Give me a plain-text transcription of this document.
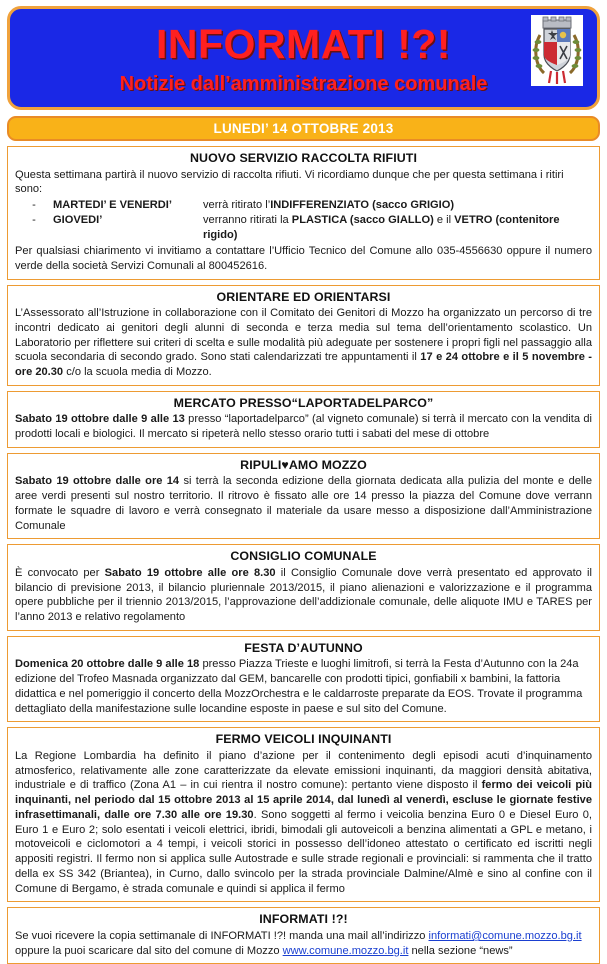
INFORMATI !?!
Notizie dall’amministrazione comunale
LUNEDI’ 14 OTTOBRE 2013
NUOVO SERVIZIO RACCOLTA RIFIUTI
Questa settimana partirà il nuovo servizio di raccolta rifiuti. Vi ricordiamo dunque che per questa settimana i ritiri sono:
-	MARTEDI’ E VENERDI’	verrà ritirato l’INDIFFERENZIATO (sacco GRIGIO)
-	GIOVEDI’	verranno ritirati la PLASTICA (sacco GIALLO) e il VETRO (contenitore rigido)
Per qualsiasi chiarimento vi invitiamo a contattare l’Ufficio Tecnico del Comune allo 035-4556630 oppure il numero verde della società Servizi Comunali al 800452616.
ORIENTARE ED ORIENTARSI
L’Assessorato all’Istruzione in collaborazione con il Comitato dei Genitori di Mozzo ha organizzato un percorso di tre incontri dedicato ai genitori degli alunni di seconda e terza media sul tema dell’orientamento scolastico. Un Laboratorio per riflettere sui criteri di scelta e sulle modalità più adeguate per sostenere i propri figli nel passaggio alla scuola secondaria di secondo grado. Sono stati calendarizzati tre appuntamenti il 17 e 24 ottobre e il 5 novembre - ore 20.30 c/o la scuola media di Mozzo.
MERCATO PRESSO“LAPORTADELPARCO”
Sabato 19 ottobre dalle 9 alle 13 presso “laportadelparco” (al vigneto comunale) si terrà il mercato con la vendita di prodotti locali e biologici. Il mercato si ripeterà nello stesso orario tutti i sabati del mese di ottobre
RIPULI♥AMO MOZZO
Sabato 19 ottobre dalle ore 14 si terrà la seconda edizione della giornata dedicata alla pulizia del monte e delle aree verdi presenti sul nostro territorio. Il ritrovo è fissato alle ore 14 presso la piazza del Comune dove verrann formate le squadre di lavoro e verrà consegnato il materiale da usare messo a disposizione dall’Amministrazione Comunale
CONSIGLIO COMUNALE
È convocato per Sabato 19 ottobre alle ore 8.30 il Consiglio Comunale dove verrà presentato ed approvato il bilancio di previsione 2013, il bilancio pluriennale 2013/2015, il piano alienazioni e valorizzazione e il programma opere pubbliche per il triennio 2013/2015, l’approvazione dell’addizionale comunale, delle aliquote IMU e TARES per l’anno 2013 e relativo regolamento
FESTA D’AUTUNNO
Domenica 20 ottobre dalle 9 alle 18 presso Piazza Trieste e luoghi limitrofi, si terrà la Festa d’Autunno con la 24a edizione del Trofeo Masnada organizzato dal GEM, bancarelle con prodotti tipici, gonfiabili x bambini, la fattoria didattica e nel pomeriggio il concerto della MozzOrchestra e le caldarroste preparate da EOS. Trovate il programma dettagliato della manifestazione sulle locandine esposte in paese e sul sito del Comune.
FERMO VEICOLI INQUINANTI
La Regione Lombardia ha definito il piano d’azione per il contenimento degli episodi acuti d’inquinamento atmosferico, relativamente alle zone caratterizzate da elevate emissioni inquinanti, da maggiori densità abitativa, industriale e di traffico (Zona A1 – in cui rientra il nostro comune): pertanto viene disposto il fermo dei veicoli più inquinanti, nel periodo dal 15 ottobre 2013 al 15 aprile 2014, dal lunedì al venerdì, escluse le giornate festive infrasettimanali, dalle ore 7.30 alle ore 19.30. Sono soggetti al fermo i veicolia benzina Euro 0 e Diesel Euro 0, Euro 1 e Euro 2; solo esentati i veicoli elettrici, ibridi, bimodali gli autoveicoli a benzina alimentati a GPL e metano, i motoveicoli e ciclomotori a 4 tempi, i veicoli storici in possesso dell’idoneo attestato o certificato ed iscritti negli appositi registri. Il fermo non si applica sulle Autostrade e sulle strade regionali e provinciali: si rammenta che il tratto della ex SS 342 (Briantea), in Curno, dallo svincolo per la strada provinciale Dalmine/Almè e sino al confine con il Comune di Bergamo, è strada comunale e quindi si applica il fermo
INFORMATI !?!
Se vuoi ricevere la copia settimanale di INFORMATI !?! manda una mail all’indirizzo informati@comune.mozzo.bg.it oppure la puoi scaricare dal sito del comune di Mozzo www.comune.mozzo.bg.it nella sezione “news”
